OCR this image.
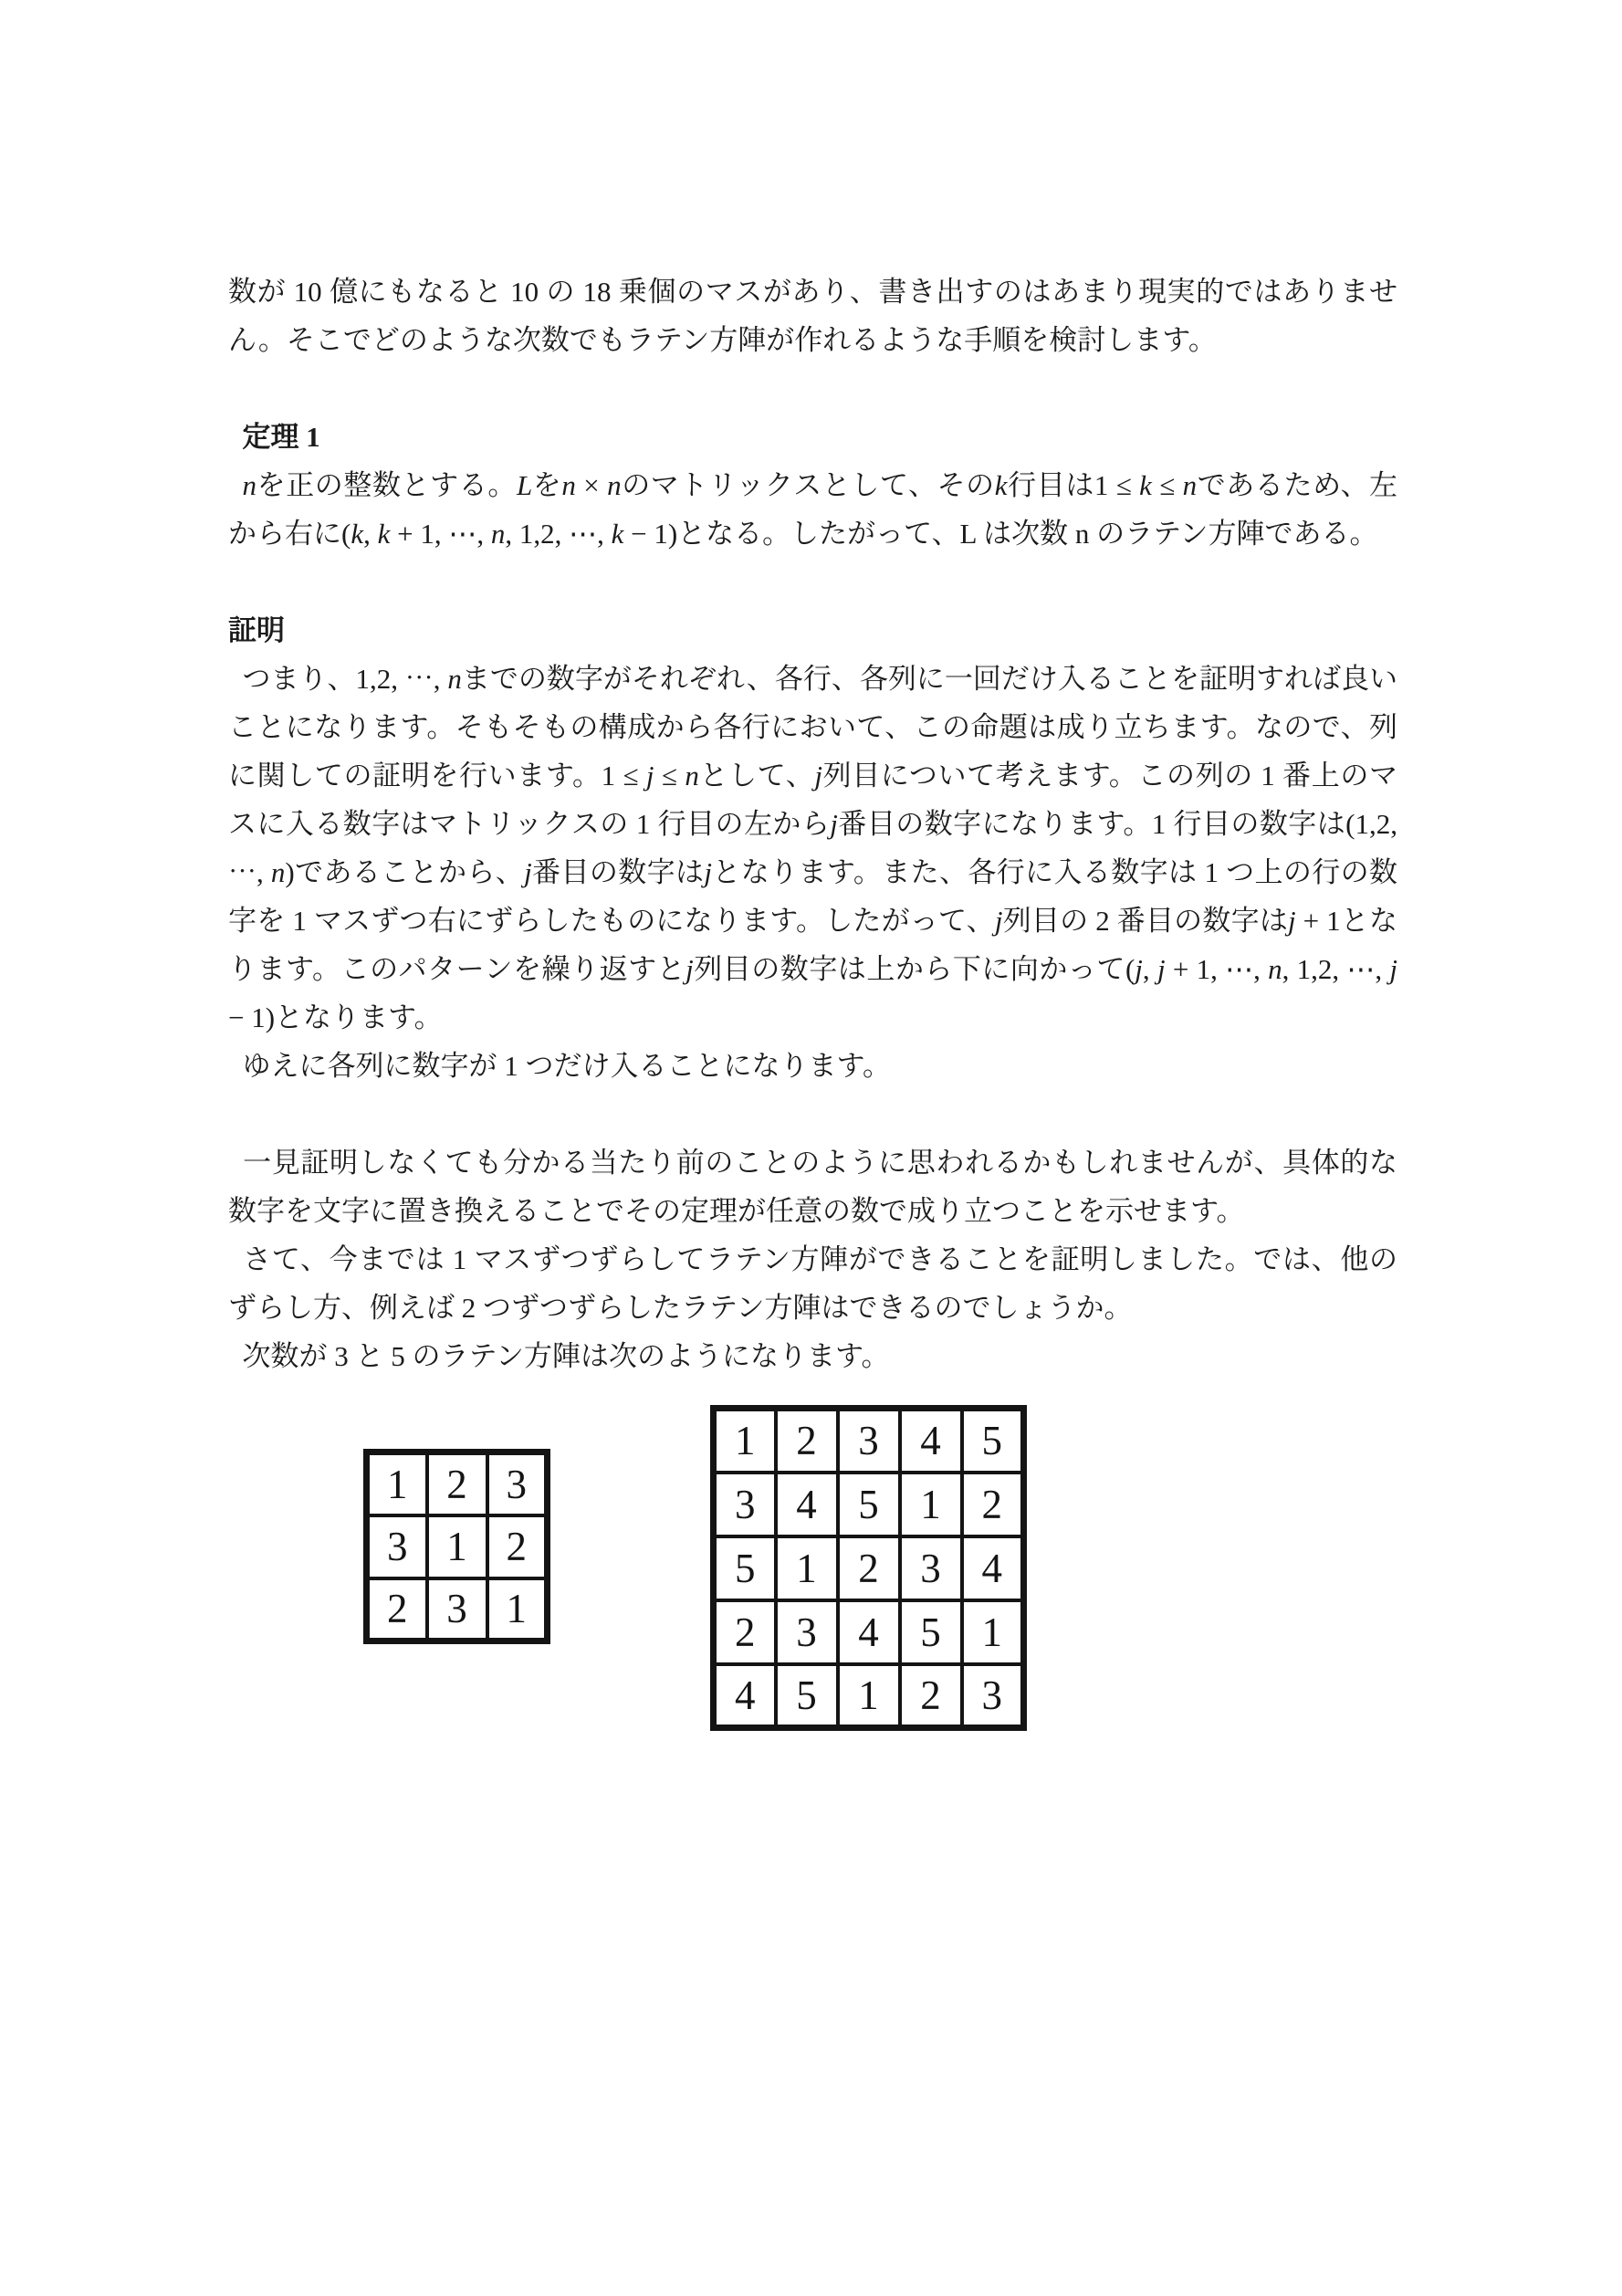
数が 10 億にもなると 10 の 18 乗個のマスがあり、書き出すのはあまり現実的ではありません。そこでどのような次数でもラテン方陣が作れるような手順を検討します。

 定理 1

 nを正の整数とする。Lをn × nのマトリックスとして、そのk行目は1 ≤ k ≤ nであるため、左から右に(k, k + 1, ⋯, n, 1,2, ⋯, k − 1)となる。したがって、L は次数 n のラテン方陣である。

証明

 つまり、1,2, ⋯, nまでの数字がそれぞれ、各行、各列に一回だけ入ることを証明すれば良いことになります。そもそもの構成から各行において、この命題は成り立ちます。なので、列に関しての証明を行います。1 ≤ j ≤ nとして、j列目について考えます。この列の 1 番上のマスに入る数字はマトリックスの 1 行目の左からj番目の数字になります。1 行目の数字は(1,2, ⋯, n)であることから、j番目の数字はjとなります。また、各行に入る数字は 1 つ上の行の数字を 1 マスずつ右にずらしたものになります。したがって、j列目の 2 番目の数字はj + 1となります。このパターンを繰り返すとj列目の数字は上から下に向かって(j, j + 1, ⋯, n, 1,2, ⋯, j − 1)となります。

 ゆえに各列に数字が 1 つだけ入ることになります。

 一見証明しなくても分かる当たり前のことのように思われるかもしれませんが、具体的な数字を文字に置き換えることでその定理が任意の数で成り立つことを示せます。

 さて、今までは 1 マスずつずらしてラテン方陣ができることを証明しました。では、他のずらし方、例えば 2 つずつずらしたラテン方陣はできるのでしょうか。

 次数が 3 と 5 のラテン方陣は次のようになります。

1	2	3
3	1	2
2	3	1
1	2	3	4	5
3	4	5	1	2
5	1	2	3	4
2	3	4	5	1
4	5	1	2	3
